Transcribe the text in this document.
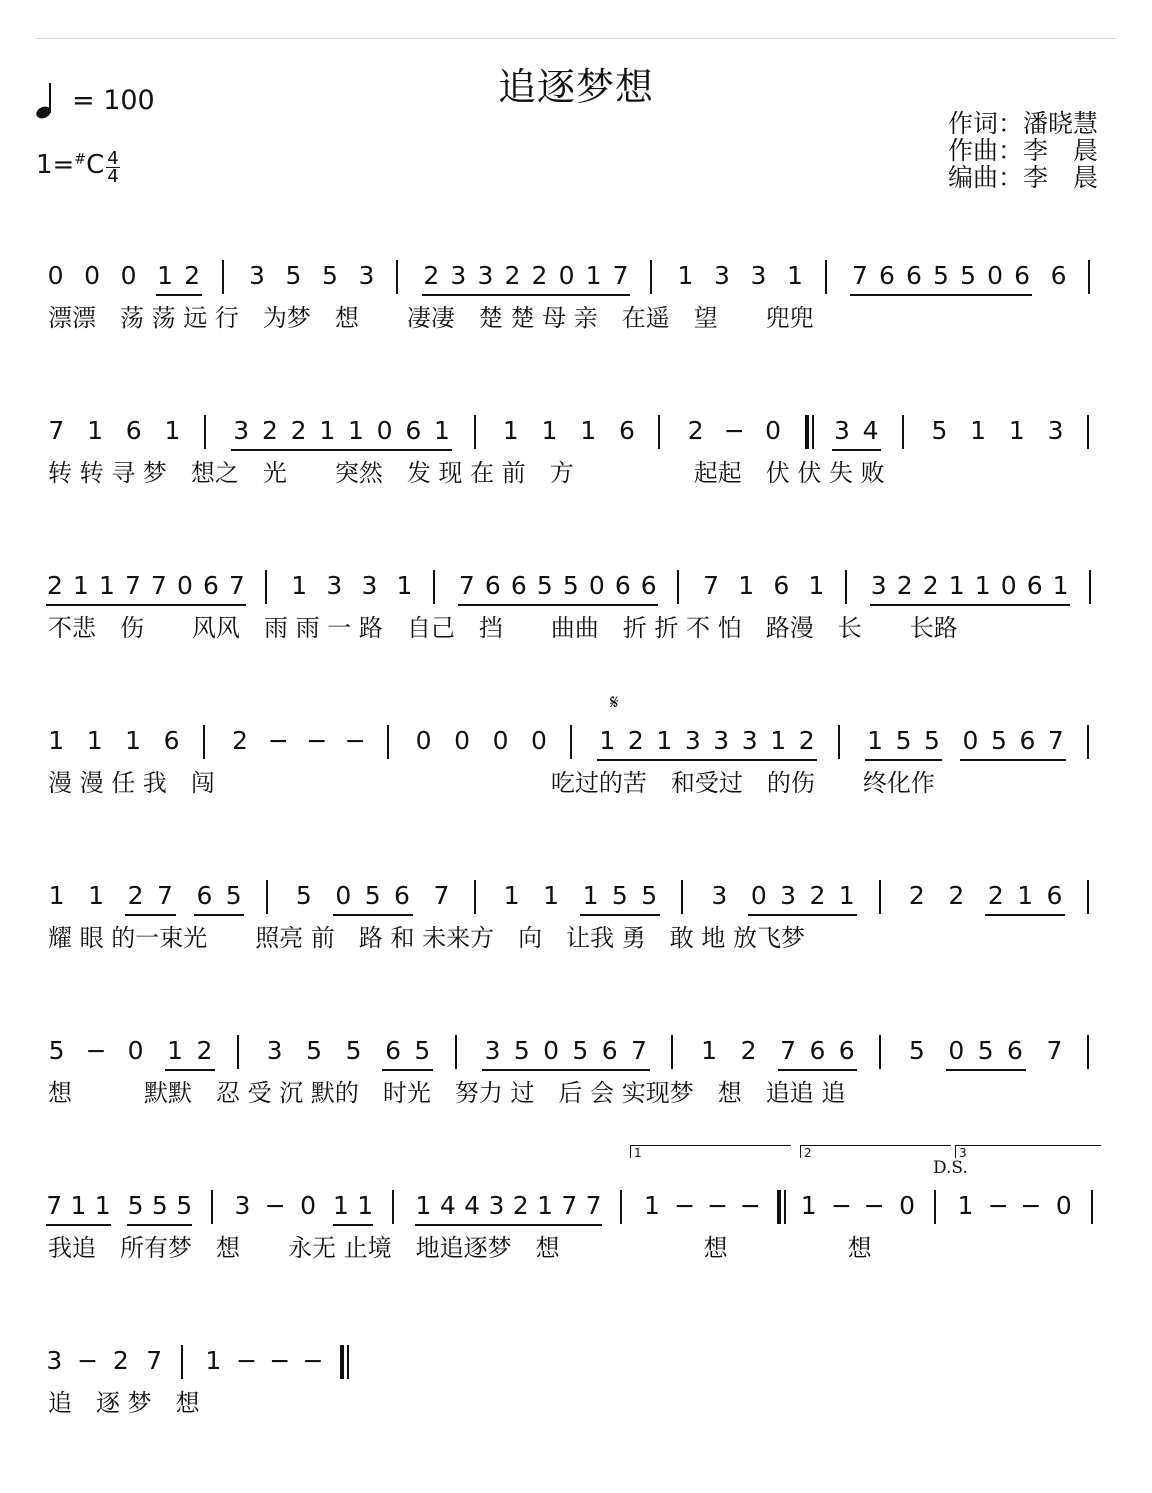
追逐梦想
= 100
1=#C 4
4
作词：潘晓慧
作曲：李　晨
编曲：李　晨
0 0 0 1 2 3 5 5 3 2 3 3 2 2 0 1 7 1 3 3 1 7 6 6 5 5 0 6 6
漂漂　荡 荡 远 行　为梦　想　　凄凄　楚 楚 母 亲　在遥　望　　兜兜
7 1 6 1 3 2 2 1 1 0 6 1 1 1 1 6 2 − 0 3 4 5 1 1 3
转 转 寻 梦　想之　光　　突然　发 现 在 前　方　　　　　起起　伏 伏 失 败
2 1 1 7 7 0 6 7 1 3 3 1 7 6 6 5 5 0 6 6 7 1 6 1 3 2 2 1 1 0 6 1
不悲　伤　　风风　雨 雨 一 路　自己　挡　　曲曲　折 折 不 怕　路漫　长　　长路
1 1 1 6 2 − − − 0 0 0 0 1 2 1 3 3 3 1 2 1 5 5 0 5 6 7
漫 漫 任 我　闯　　　　　　　　　　　　　　吃过的苦　和受过　的伤　　终化作
1 1 2 7 6 5 5 0 5 6 7 1 1 1 5 5 3 0 3 2 1 2 2 2 1 6
耀 眼 的一束光　　照亮 前　路 和 未来方　向　让我 勇　敢 地 放飞梦
5 − 0 1 2 3 5 5 6 5 3 5 0 5 6 7 1 2 7 6 6 5 0 5 6 7
想　　　默默　忍 受 沉 默的　时光　努力 过　后 会 实现梦　想　追追 追
7 1 1 5 5 5 3 − 0 1 1 1 4 4 3 2 1 7 7 1 − − − 1 − − 0 1 − − 0
我追　所有梦　想　　永无 止境　地追逐梦　想　　　　　　想　　　　　想
3 − 2 7 1 − − −
追　逐 梦　想
𝄋
1	2	3
D.S.
